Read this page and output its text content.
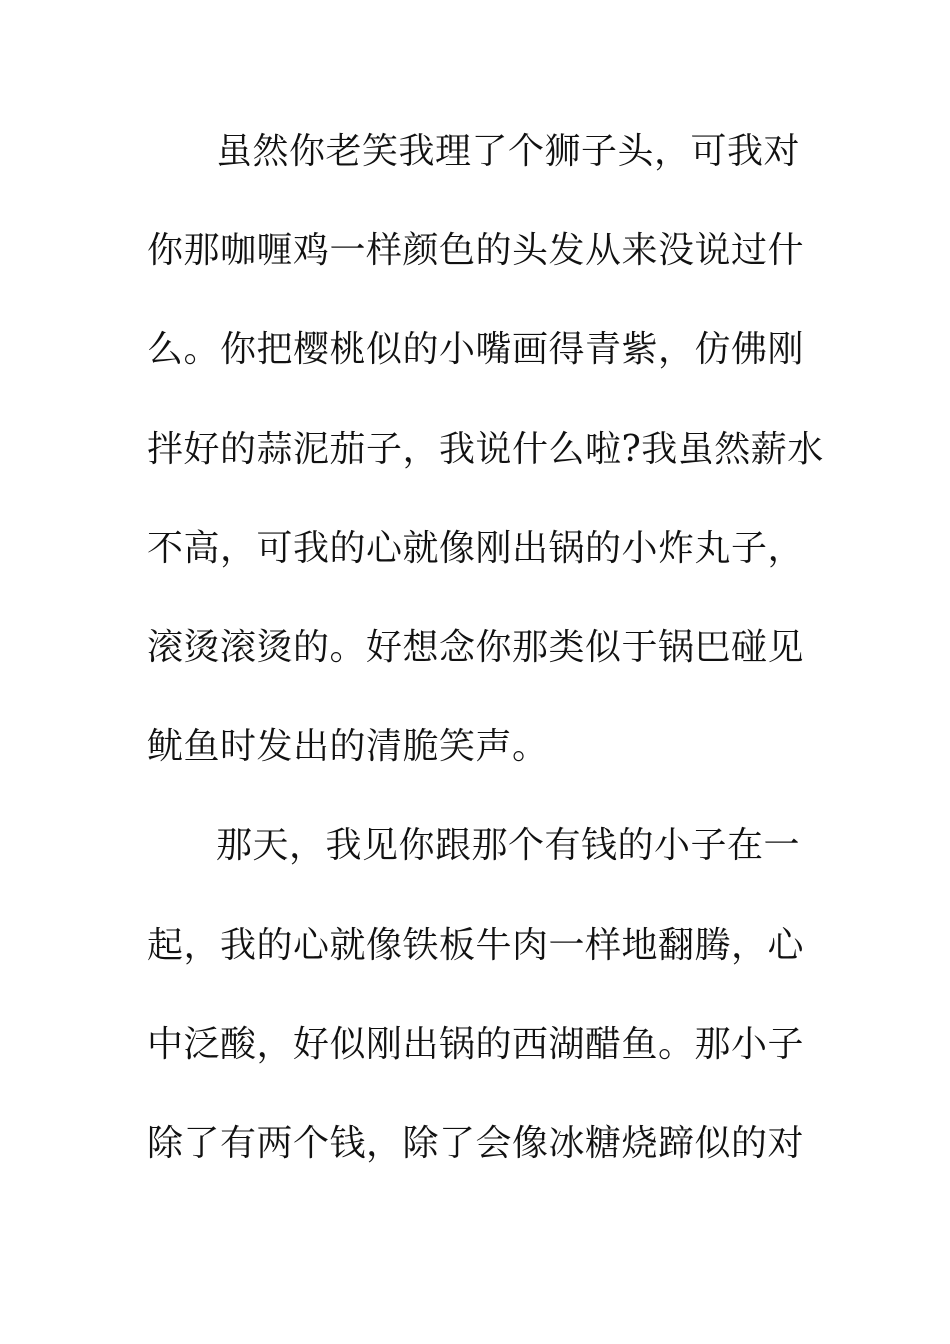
虽然你老笑我理了个狮子头，可我对
你那咖喱鸡一样颜色的头发从来没说过什
么。你把樱桃似的小嘴画得青紫，仿佛刚
拌好的蒜泥茄子，我说什么啦?我虽然薪水
不高，可我的心就像刚出锅的小炸丸子，
滚烫滚烫的。好想念你那类似于锅巴碰见
鱿鱼时发出的清脆笑声。
那天，我见你跟那个有钱的小子在一
起，我的心就像铁板牛肉一样地翻腾，心
中泛酸，好似刚出锅的西湖醋鱼。那小子
除了有两个钱，除了会像冰糖烧蹄似的对
